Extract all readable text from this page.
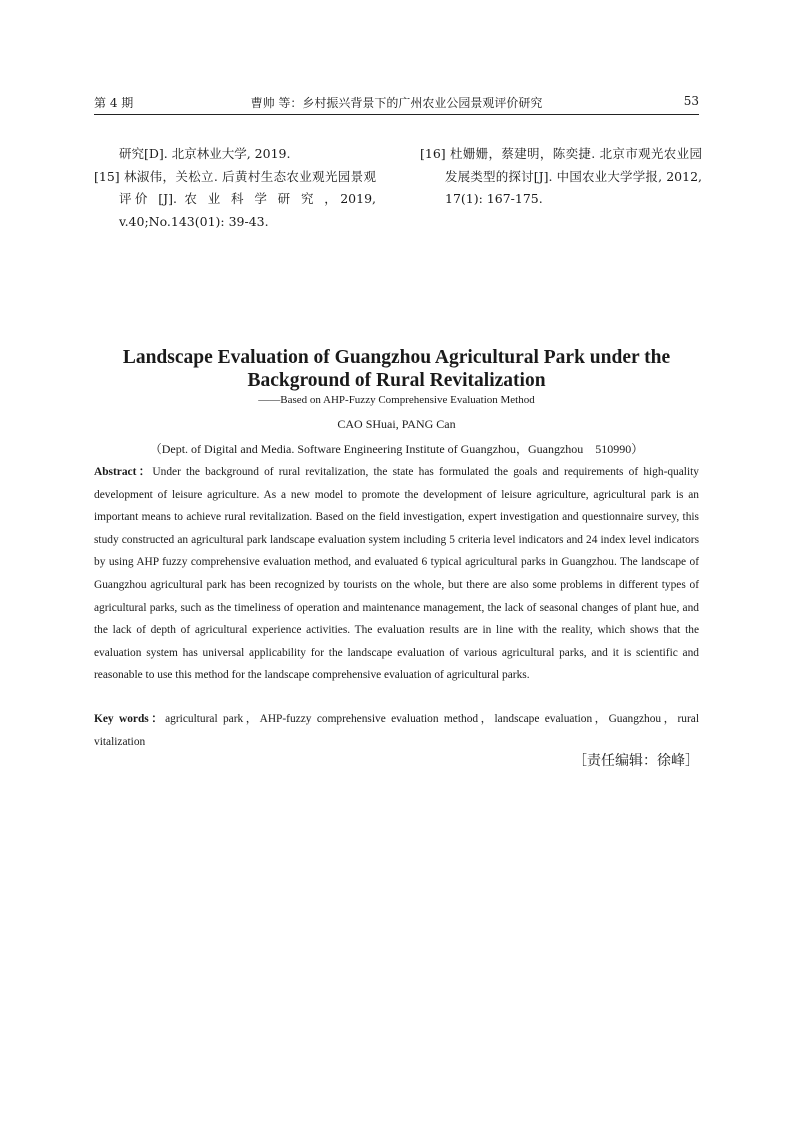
第 4 期	曹帅 等：乡村振兴背景下的广州农业公园景观评价研究	53

研究[D]. 北京林业大学, 2019.

[15] 林淑伟，关松立. 后黄村生态农业观光园景观评价 [J]. 农 业 科 学 研 究 ，2019, v.40;No.143(01): 39-43.

[16] 杜姗姗，蔡建明，陈奕捷. 北京市观光农业园发展类型的探讨[J]. 中国农业大学学报, 2012, 17(1): 167-175.

Landscape Evaluation of Guangzhou Agricultural Park under the Background of Rural Revitalization
——Based on AHP-Fuzzy Comprehensive Evaluation Method
CAO SHuai, PANG Can
（Dept. of Digital and Media. Software Engineering Institute of Guangzhou，Guangzhou    510990）

Abstract：Under the background of rural revitalization, the state has formulated the goals and requirements of high-quality development of leisure agriculture. As a new model to promote the development of leisure agriculture, agricultural park is an important means to achieve rural revitalization. Based on the field investigation, expert investigation and questionnaire survey, this study constructed an agricultural park landscape evaluation system including 5 criteria level indicators and 24 index level indicators by using AHP fuzzy comprehensive evaluation method, and evaluated 6 typical agricultural parks in Guangzhou. The landscape of Guangzhou agricultural park has been recognized by tourists on the whole, but there are also some problems in different types of agricultural parks, such as the timeliness of operation and maintenance management, the lack of seasonal changes of plant hue, and the lack of depth of agricultural experience activities. The evaluation results are in line with the reality, which shows that the evaluation system has universal applicability for the landscape evaluation of various agricultural parks, and it is scientific and reasonable to use this method for the landscape comprehensive evaluation of agricultural parks.

Key words：agricultural park，AHP-fuzzy comprehensive evaluation method，landscape evaluation，Guangzhou，rural vitalization

［责任编辑：徐峰］
